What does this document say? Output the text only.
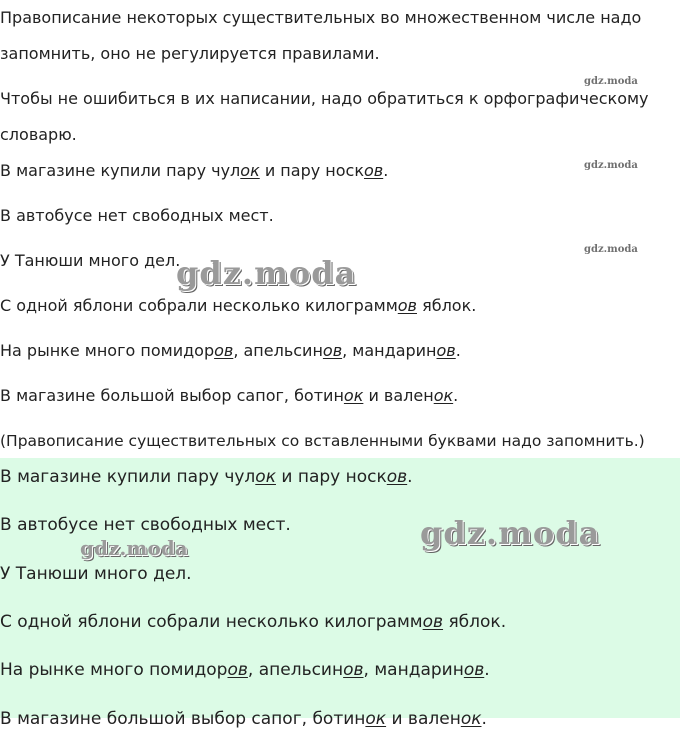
Правописание некоторых существительных во множественном числе надо
запомнить, оно не регулируется правилами.
Чтобы не ошибиться в их написании, надо обратиться к орфографическому
словарю.
В магазине купили пару чулок и пару носков.
В автобусе нет свободных мест.
У Танюши много дел.
С одной яблони собрали несколько килограммов яблок.
На рынке много помидоров, апельсинов, мандаринов.
В магазине большой выбор сапог, ботинок и валенок.
(Правописание существительных со вставленными буквами надо запомнить.)
gdz.moda
gdz.moda
gdz.moda
gdz.moda
В магазине купили пару чулок и пару носков.
В автобусе нет свободных мест.
У Танюши много дел.
С одной яблони собрали несколько килограммов яблок.
На рынке много помидоров, апельсинов, мандаринов.
В магазине большой выбор сапог, ботинок и валенок.
gdz.moda
gdz.moda
